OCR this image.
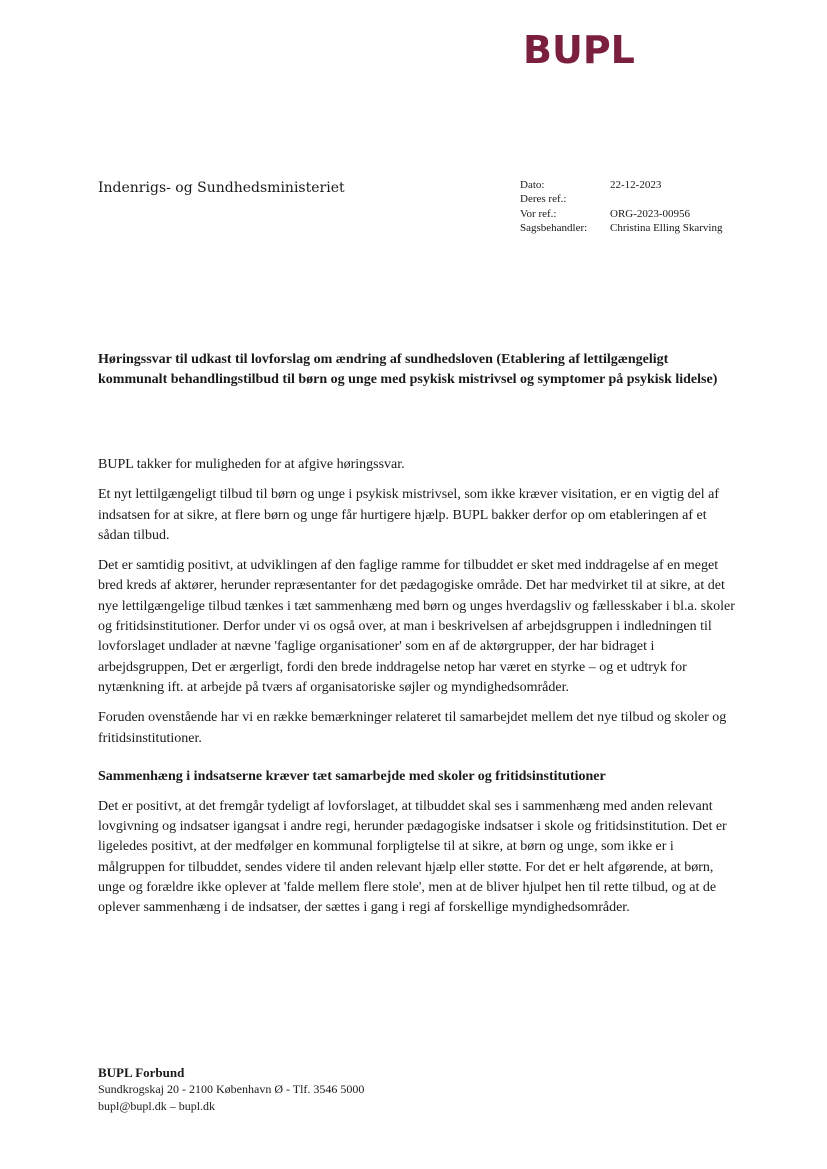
BUPL
Indenrigs- og Sundhedsministeriet	Dato:	22-12-2023
Deres ref.:
Vor ref.:	ORG-2023-00956
Sagsbehandler:	Christina Elling Skarving
Høringssvar til udkast til lovforslag om ændring af sundhedsloven (Etablering af lettilgængeligt kommunalt behandlingstilbud til børn og unge med psykisk mistrivsel og symptomer på psykisk lidelse)

BUPL takker for muligheden for at afgive høringssvar.

Et nyt lettilgængeligt tilbud til børn og unge i psykisk mistrivsel, som ikke kræver visitation, er en vigtig del af indsatsen for at sikre, at flere børn og unge får hurtigere hjælp. BUPL bakker derfor op om etableringen af et sådan tilbud.

Det er samtidig positivt, at udviklingen af den faglige ramme for tilbuddet er sket med inddragelse af en meget bred kreds af aktører, herunder repræsentanter for det pædagogiske område. Det har medvirket til at sikre, at det nye lettilgængelige tilbud tænkes i tæt sammenhæng med børn og unges hverdagsliv og fællesskaber i bl.a. skoler og fritidsinstitutioner. Derfor under vi os også over, at man i beskrivelsen af arbejdsgruppen i indledningen til lovforslaget undlader at nævne 'faglige organisationer' som en af de aktørgrupper, der har bidraget i arbejdsgruppen, Det er ærgerligt, fordi den brede inddragelse netop har været en styrke – og et udtryk for nytænkning ift. at arbejde på tværs af organisatoriske søjler og myndighedsområder.

Foruden ovenstående har vi en række bemærkninger relateret til samarbejdet mellem det nye tilbud og skoler og fritidsinstitutioner.

Sammenhæng i indsatserne kræver tæt samarbejde med skoler og fritidsinstitutioner

Det er positivt, at det fremgår tydeligt af lovforslaget, at tilbuddet skal ses i sammenhæng med anden relevant lovgivning og indsatser igangsat i andre regi, herunder pædagogiske indsatser i skole og fritidsinstitution. Det er ligeledes positivt, at der medfølger en kommunal forpligtelse til at sikre, at børn og unge, som ikke er i målgruppen for tilbuddet, sendes videre til anden relevant hjælp eller støtte. For det er helt afgørende, at børn, unge og forældre ikke oplever at 'falde mellem flere stole', men at de bliver hjulpet hen til rette tilbud, og at de oplever sammenhæng i de indsatser, der sættes i gang i regi af forskellige myndighedsområder.

BUPL Forbund
Sundkrogskaj 20 - 2100 København Ø - Tlf. 3546 5000
bupl@bupl.dk – bupl.dk
